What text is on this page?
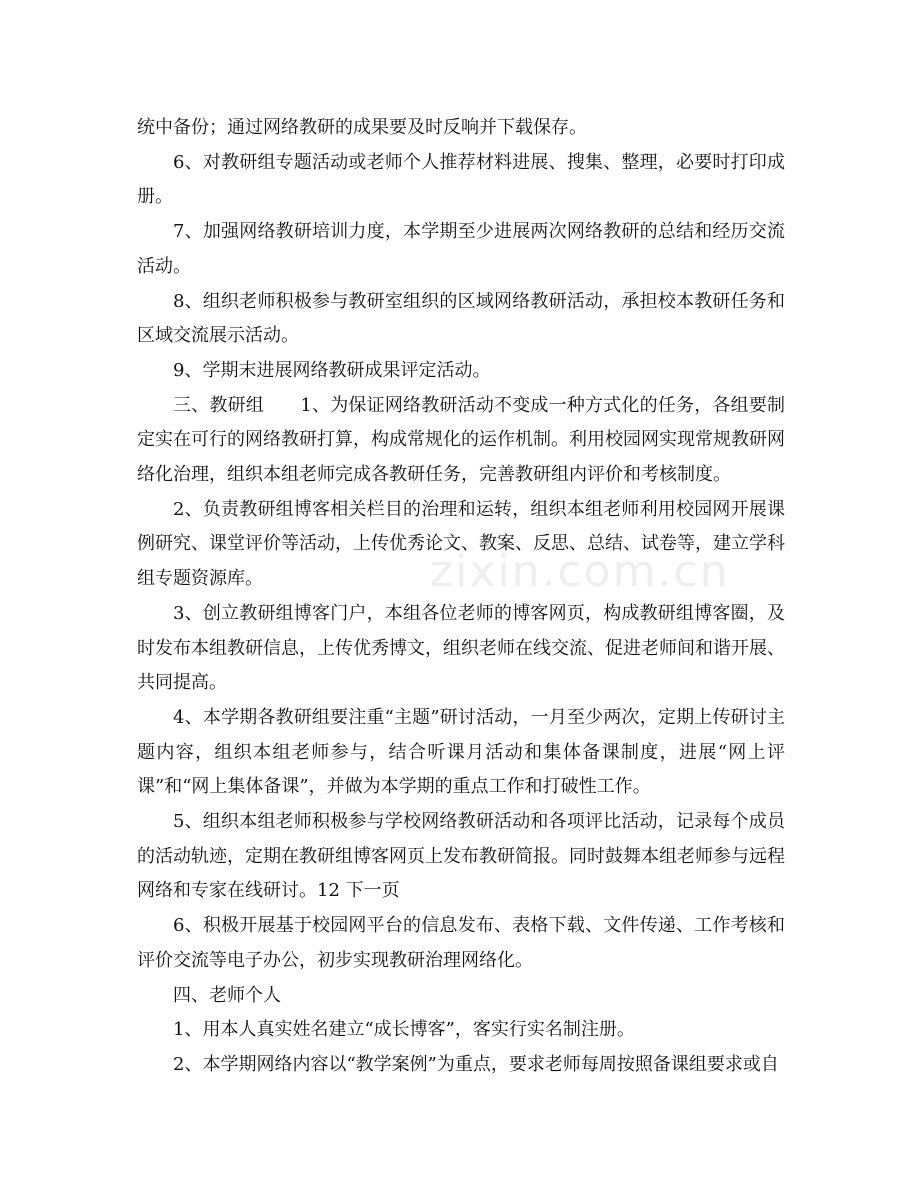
统中备份；通过网络教研的成果要及时反响并下载保存。

6、对教研组专题活动或老师个人推荐材料进展、搜集、整理，必要时打印成册。

7、加强网络教研培训力度，本学期至少进展两次网络教研的总结和经历交流活动。

8、组织老师积极参与教研室组织的区域网络教研活动，承担校本教研任务和区域交流展示活动。

9、学期末进展网络教研成果评定活动。

三、教研组　　1、为保证网络教研活动不变成一种方式化的任务，各组要制定实在可行的网络教研打算，构成常规化的运作机制。利用校园网实现常规教研网络化治理，组织本组老师完成各教研任务，完善教研组内评价和考核制度。

2、负责教研组博客相关栏目的治理和运转，组织本组老师利用校园网开展课例研究、课堂评价等活动，上传优秀论文、教案、反思、总结、试卷等，建立学科组专题资源库。

3、创立教研组博客门户，本组各位老师的博客网页，构成教研组博客圈，及时发布本组教研信息，上传优秀博文，组织老师在线交流、促进老师间和谐开展、共同提高。

4、本学期各教研组要注重“主题”研讨活动，一月至少两次，定期上传研讨主题内容，组织本组老师参与，结合听课月活动和集体备课制度，进展“网上评课”和“网上集体备课”，并做为本学期的重点工作和打破性工作。

5、组织本组老师积极参与学校网络教研活动和各项评比活动，记录每个成员的活动轨迹，定期在教研组博客网页上发布教研简报。同时鼓舞本组老师参与远程网络和专家在线研讨。12 下一页

6、积极开展基于校园网平台的信息发布、表格下载、文件传递、工作考核和评价交流等电子办公，初步实现教研治理网络化。

四、老师个人

1、用本人真实姓名建立“成长博客”，客实行实名制注册。

2、本学期网络内容以“教学案例”为重点，要求老师每周按照备课组要求或自

zixin.com.cn
